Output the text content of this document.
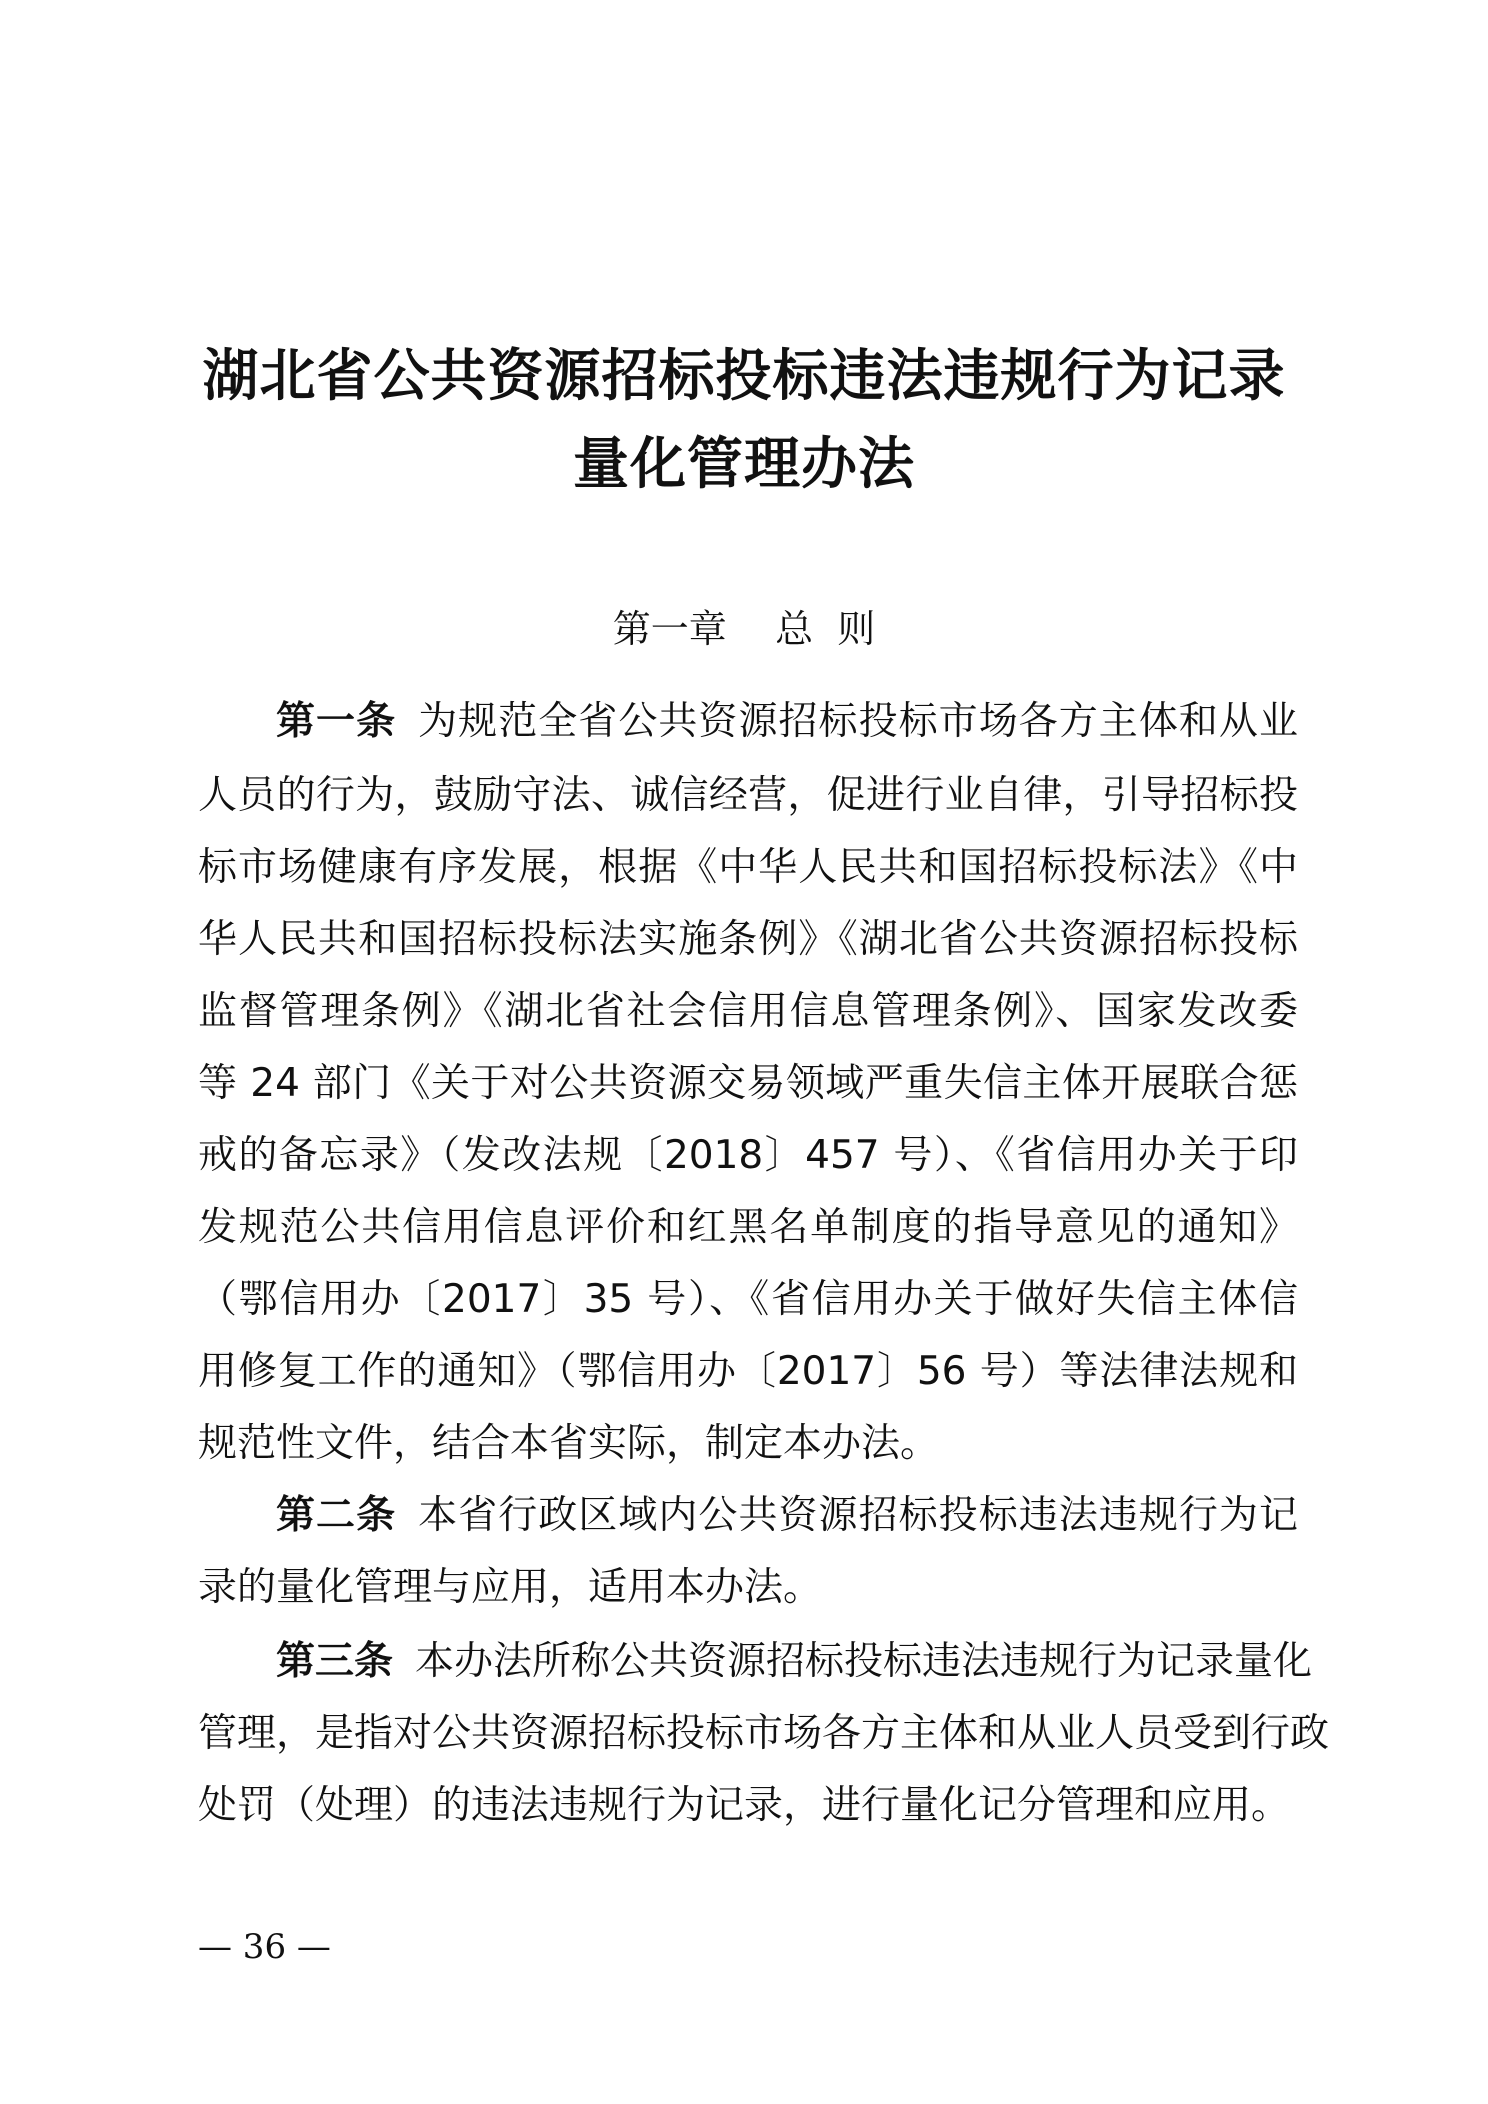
湖北省公共资源招标投标违法违规行为记录
量化管理办法
第一章    总  则
第一条 为规范全省公共资源招标投标市场各方主体和从业
人员的行为，鼓励守法、诚信经营，促进行业自律，引导招标投
标市场健康有序发展，根据《中华人民共和国招标投标法》《中
华人民共和国招标投标法实施条例》《湖北省公共资源招标投标
监督管理条例》《湖北省社会信用信息管理条例》、国家发改委
等 24 部门《关于对公共资源交易领域严重失信主体开展联合惩
戒的备忘录》（发改法规〔2018〕457 号）、《省信用办关于印
发规范公共信用信息评价和红黑名单制度的指导意见的通知》
（鄂信用办〔2017〕35 号）、《省信用办关于做好失信主体信
用修复工作的通知》（鄂信用办〔2017〕56 号）等法律法规和
规范性文件，结合本省实际，制定本办法。
第二条 本省行政区域内公共资源招标投标违法违规行为记
录的量化管理与应用，适用本办法。
第三条 本办法所称公共资源招标投标违法违规行为记录量化
管理，是指对公共资源招标投标市场各方主体和从业人员受到行政
处罚（处理）的违法违规行为记录，进行量化记分管理和应用。
— 36 —
